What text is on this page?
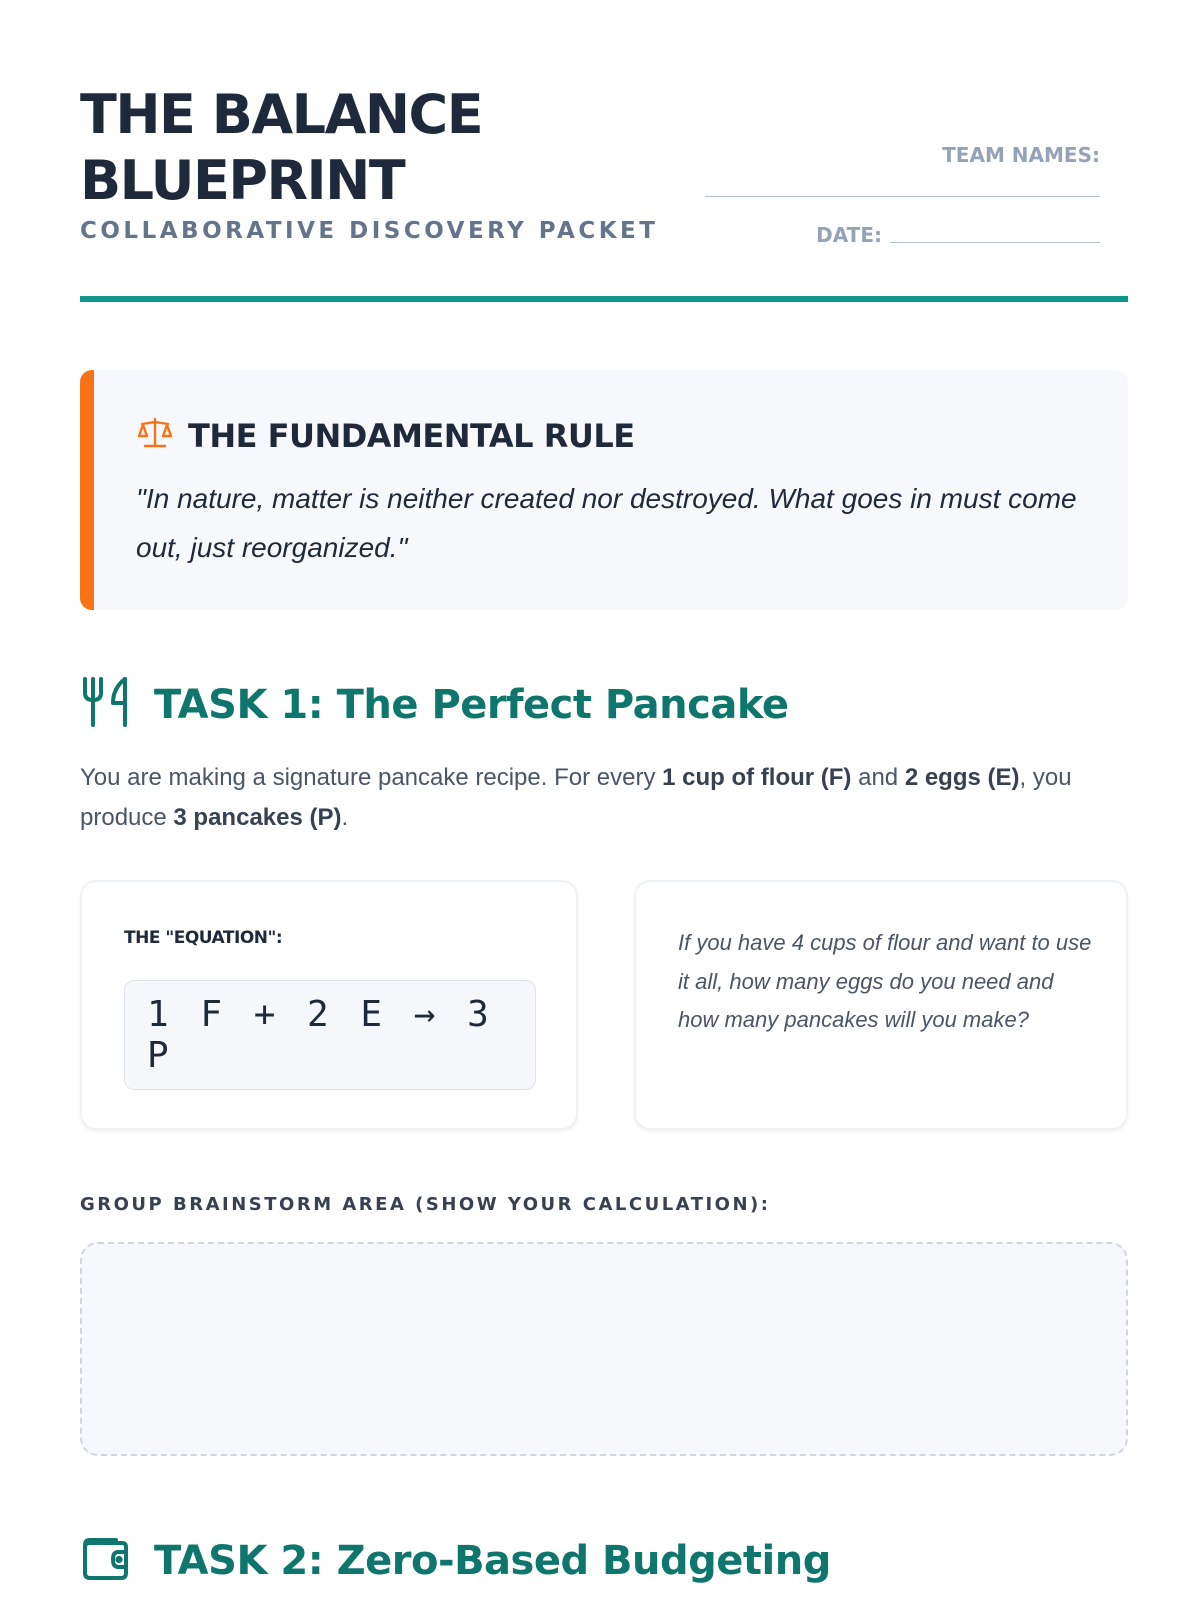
THE BALANCE
BLUEPRINT
COLLABORATIVE DISCOVERY PACKET
TEAM NAMES:
DATE:
THE FUNDAMENTAL RULE
"In nature, matter is neither created nor destroyed. What goes in must come out, just reorganized."
TASK 1: The Perfect Pancake
You are making a signature pancake recipe. For every 1 cup of flour (F) and 2 eggs (E), you produce 3 pancakes (P).
THE "EQUATION":
1 F + 2 E → 3 P
If you have 4 cups of flour and want to use it all, how many eggs do you need and how many pancakes will you make?
GROUP BRAINSTORM AREA (SHOW YOUR CALCULATION):
TASK 2: Zero-Based Budgeting
